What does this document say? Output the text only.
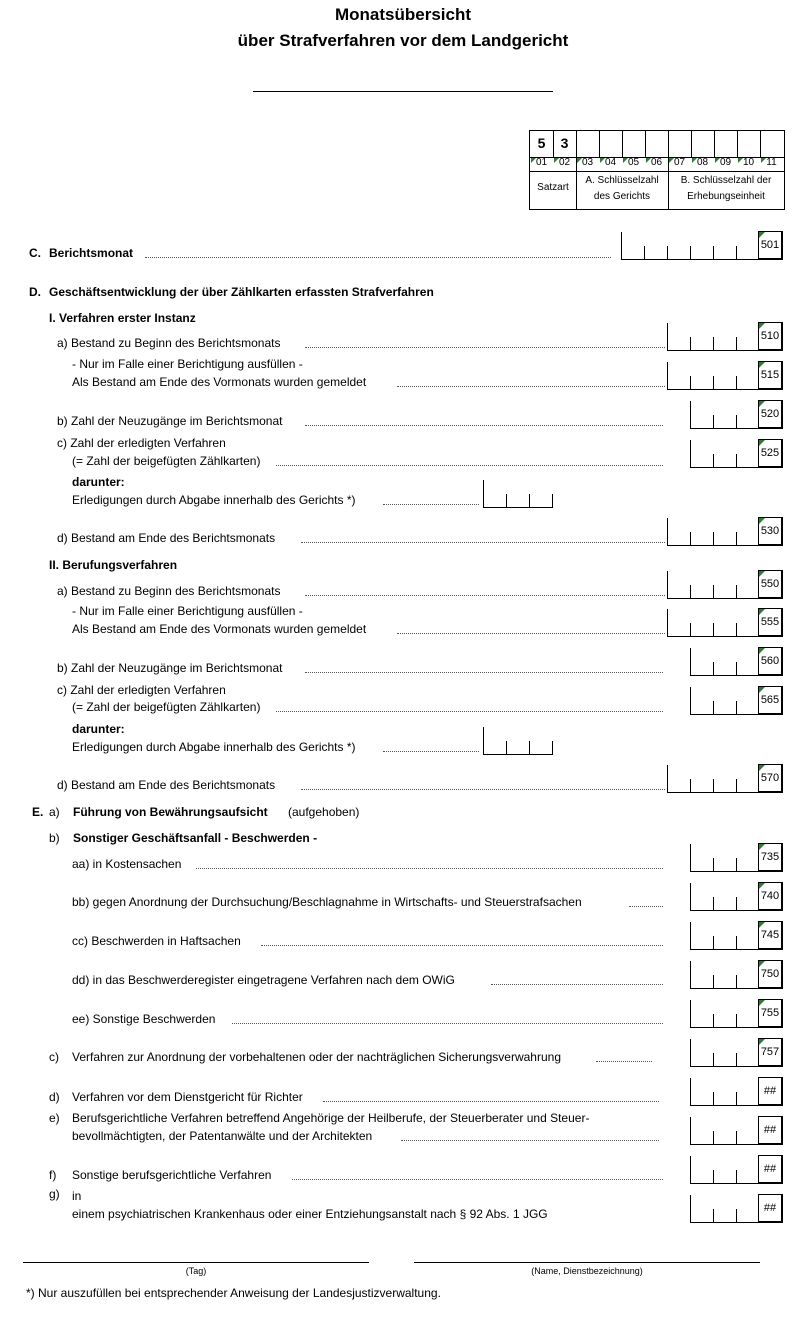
Monatsübersicht
über Strafverfahren vor dem Landgericht
5	3
01	02	03	04	05	06	07	08	09	10	11
Satzart
A. Schlüsselzahl
des Gerichts
B. Schlüsselzahl der
Erhebungseinheit
C. Berichtsmonat
501
D. Geschäftsentwicklung der über Zählkarten erfassten Strafverfahren
I. Verfahren erster Instanz
a) Bestand zu Beginn des Berichtsmonats	510
- Nur im Falle einer Berichtigung ausfüllen -
Als Bestand am Ende des Vormonats wurden gemeldet	515
b) Zahl der Neuzugänge im Berichtsmonat	520
c) Zahl der erledigten Verfahren
(= Zahl der beigefügten Zählkarten)
525
darunter:
Erledigungen durch Abgabe innerhalb des Gerichts *)
d) Bestand am Ende des Berichtsmonats	530
II. Berufungsverfahren
a) Bestand zu Beginn des Berichtsmonats	550
- Nur im Falle einer Berichtigung ausfüllen -
Als Bestand am Ende des Vormonats wurden gemeldet	555
b) Zahl der Neuzugänge im Berichtsmonat	560
c) Zahl der erledigten Verfahren
(= Zahl der beigefügten Zählkarten)	565
darunter:
Erledigungen durch Abgabe innerhalb des Gerichts *)
d) Bestand am Ende des Berichtsmonats	570
E. a) Führung von Bewährungsaufsicht (aufgehoben)
b) Sonstiger Geschäftsanfall - Beschwerden -
aa) in Kostensachen	735
bb) gegen Anordnung der Durchsuchung/Beschlagnahme in Wirtschafts- und Steuerstrafsachen	740
cc) Beschwerden in Haftsachen	745
dd) in das Beschwerderegister eingetragene Verfahren nach dem OWiG	750
ee) Sonstige Beschwerden	755
c) Verfahren zur Anordnung der vorbehaltenen oder der nachträglichen Sicherungsverwahrung	757
d) Verfahren vor dem Dienstgericht für Richter	##
e) Berufsgerichtliche Verfahren betreffend Angehörige der Heilberufe, der Steuerberater und Steuer-
bevollmächtigten, der Patentanwälte und der Architekten	##
f) Sonstige berufsgerichtliche Verfahren	##
g) in
einem psychiatrischen Krankenhaus oder einer Entziehungsanstalt nach § 92 Abs. 1 JGG	##
(Tag)	(Name, Dienstbezeichnung)
*) Nur auszufüllen bei entsprechender Anweisung der Landesjustizverwaltung.
